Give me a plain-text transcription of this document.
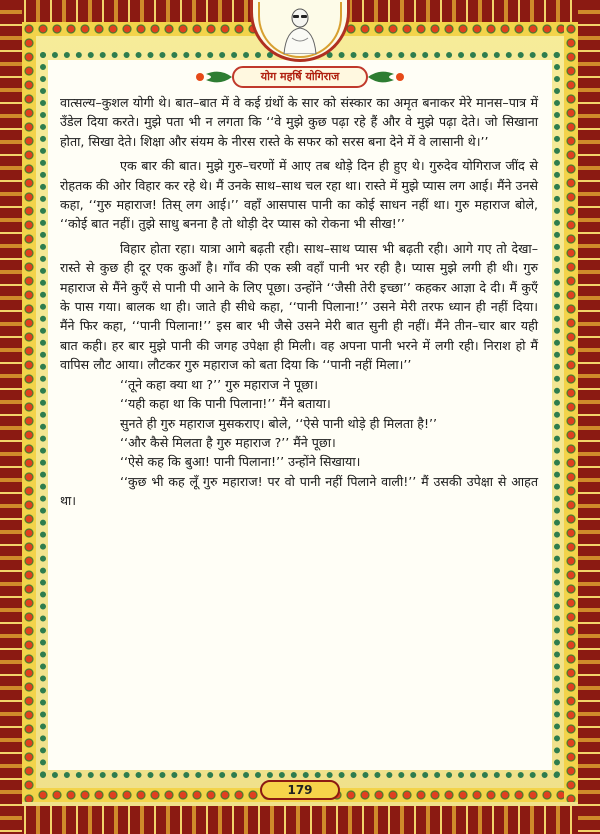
योग महर्षि योगिराज

वात्सल्य–कुशल योगी थे। बात–बात में वे कई ग्रंथों के सार को संस्कार का अमृत बनाकर मेरे मानस–पात्र में उँडेल दिया करते। मुझे पता भी न लगता कि ‘‘वे मुझे कुछ पढ़ा रहे हैं और वे मुझे पढ़ा देते। जो सिखाना होता, सिखा देते। शिक्षा और संयम के नीरस रास्ते के सफर को सरस बना देने में वे लासानी थे।’’

एक बार की बात। मुझे गुरु–चरणों में आए तब थोड़े दिन ही हुए थे। गुरुदेव योगिराज जींद से रोहतक की ओर विहार कर रहे थे। मैं उनके साथ–साथ चल रहा था। रास्ते में मुझे प्यास लग आई। मैंने उनसे कहा, ‘‘गुरु महाराज! तिस् लग आई।’’ वहाँ आसपास पानी का कोई साधन नहीं था। गुरु महाराज बोले, ‘‘कोई बात नहीं। तुझे साधु बनना है तो थोड़ी देर प्यास को रोकना भी सीख!’’

विहार होता रहा। यात्रा आगे बढ़ती रही। साथ–साथ प्यास भी बढ़ती रही। आगे गए तो देखा– रास्ते से कुछ ही दूर एक कुआँ है। गाँव की एक स्त्री वहाँ पानी भर रही है। प्यास मुझे लगी ही थी। गुरु महाराज से मैंने कुएँ से पानी पी आने के लिए पूछा। उन्होंने ‘‘जैसी तेरी इच्छा’’ कहकर आज्ञा दे दी। मैं कुएँ के पास गया। बालक था ही। जाते ही सीधे कहा, ‘‘पानी पिलाना!’’ उसने मेरी तरफ ध्यान ही नहीं दिया। मैंने फिर कहा, ‘‘पानी पिलाना!’’ इस बार भी जैसे उसने मेरी बात सुनी ही नहीं। मैंने तीन–चार बार यही बात कही। हर बार मुझे पानी की जगह उपेक्षा ही मिली। वह अपना पानी भरने में लगी रही। निराश हो मैं वापिस लौट आया। लौटकर गुरु महाराज को बता दिया कि ‘‘पानी नहीं मिला।’’

‘‘तूने कहा क्या था ?’’ गुरु महाराज ने पूछा।

‘‘यही कहा था कि पानी पिलाना!’’ मैंने बताया।

सुनते ही गुरु महाराज मुसकराए। बोले, ‘‘ऐसे पानी थोड़े ही मिलता है!’’

‘‘और कैसे मिलता है गुरु महाराज ?’’ मैंने पूछा।

‘‘ऐसे कह कि बुआ! पानी पिलाना!’’ उन्होंने सिखाया।

‘‘कुछ भी कह लूँ गुरु महाराज! पर वो पानी नहीं पिलाने वाली!’’ मैं उसकी उपेक्षा से आहत था।

179
